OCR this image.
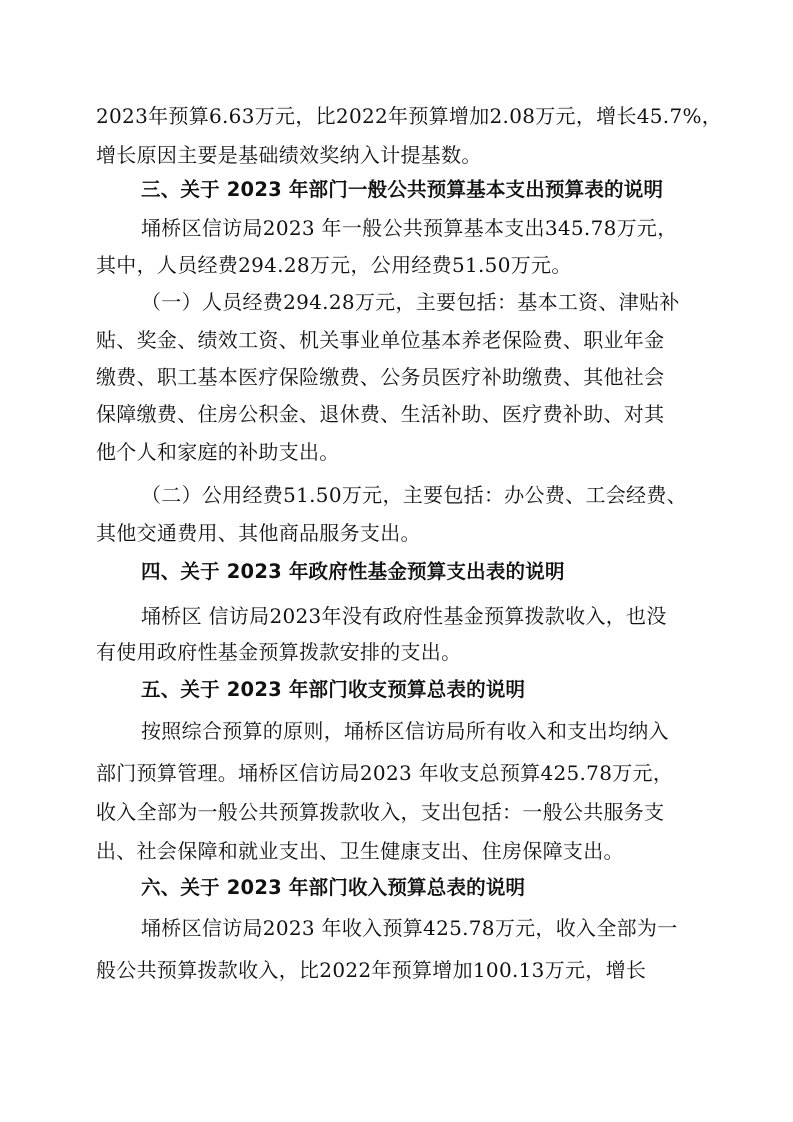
2023年预算6.63万元，比2022年预算增加2.08万元，增长45.7%，
增长原因主要是基础绩效奖纳入计提基数。
三、关于 2023 年部门一般公共预算基本支出预算表的说明
埇桥区信访局2023 年一般公共预算基本支出345.78万元，
其中，人员经费294.28万元，公用经费51.50万元。
（一）人员经费294.28万元，主要包括：基本工资、津贴补
贴、奖金、绩效工资、机关事业单位基本养老保险费、职业年金
缴费、职工基本医疗保险缴费、公务员医疗补助缴费、其他社会
保障缴费、住房公积金、退休费、生活补助、医疗费补助、对其
他个人和家庭的补助支出。
（二）公用经费51.50万元，主要包括：办公费、工会经费、
其他交通费用、其他商品服务支出。
四、关于 2023 年政府性基金预算支出表的说明
埇桥区 信访局2023年没有政府性基金预算拨款收入，也没
有使用政府性基金预算拨款安排的支出。
五、关于 2023 年部门收支预算总表的说明
按照综合预算的原则，埇桥区信访局所有收入和支出均纳入
部门预算管理。埇桥区信访局2023 年收支总预算425.78万元，
收入全部为一般公共预算拨款收入，支出包括：一般公共服务支
出、社会保障和就业支出、卫生健康支出、住房保障支出。
六、关于 2023 年部门收入预算总表的说明
埇桥区信访局2023 年收入预算425.78万元，收入全部为一
般公共预算拨款收入，比2022年预算增加100.13万元，增长
